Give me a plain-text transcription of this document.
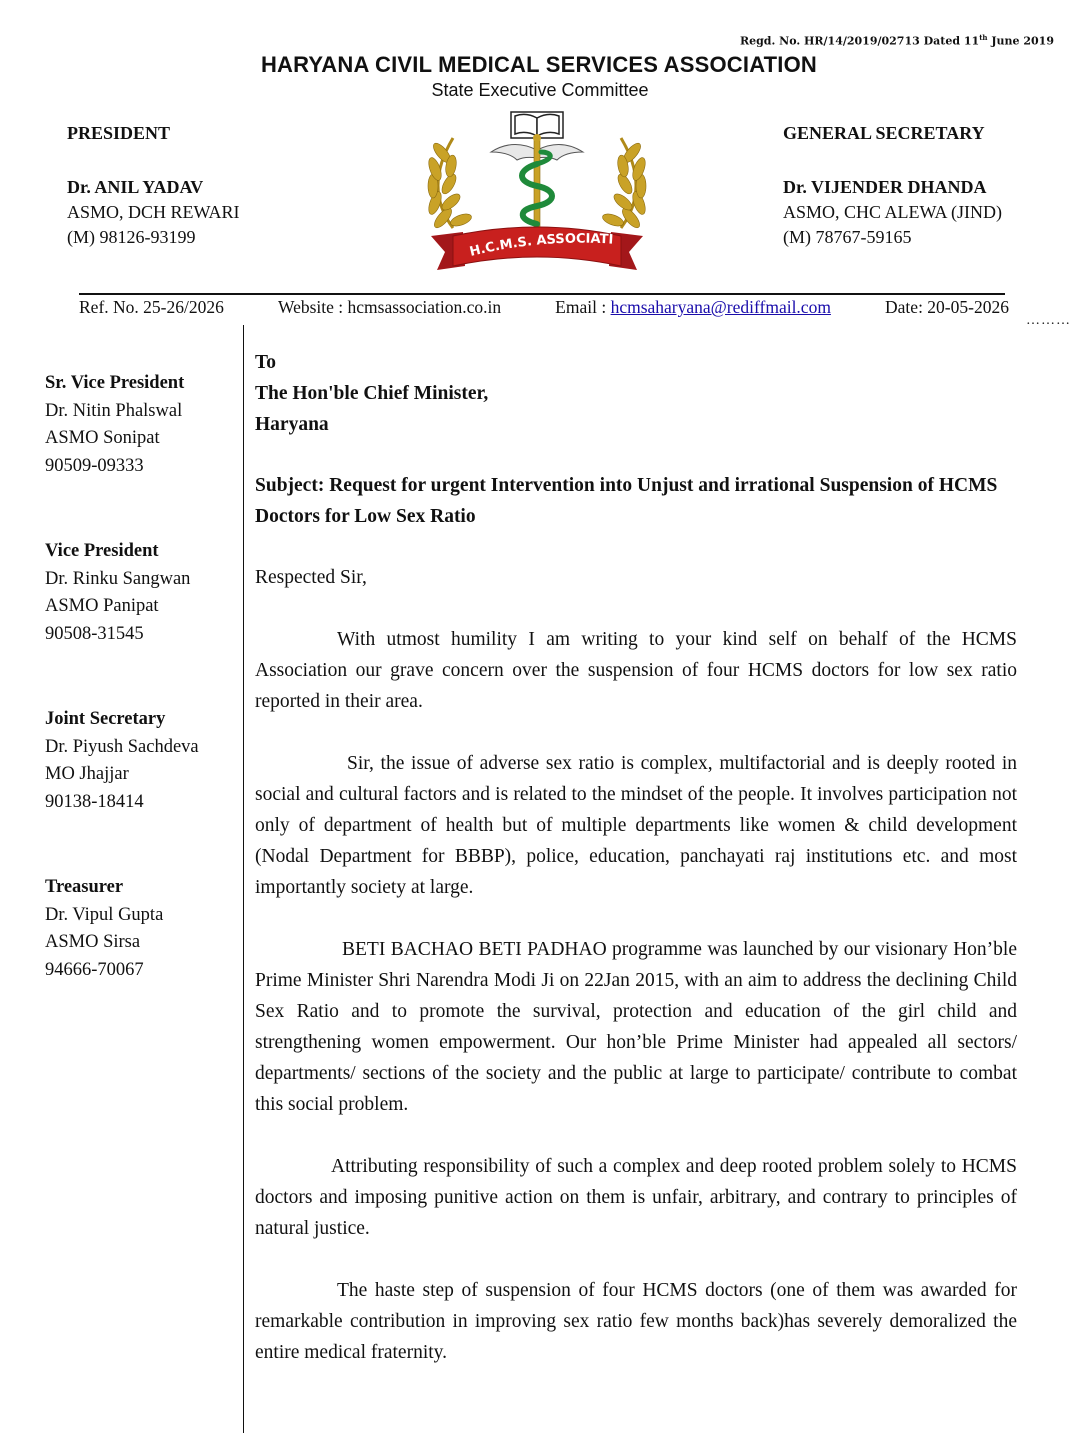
Regd. No. HR/14/2019/02713 Dated 11th June 2019
HARYANA CIVIL MEDICAL SERVICES ASSOCIATION
State Executive Committee
PRESIDENT
Dr. ANIL YADAV
ASMO, DCH REWARI
(M) 98126-93199
H.C.M.S. ASSOCIATI
GENERAL SECRETARY
Dr. VIJENDER DHANDA
ASMO, CHC ALEWA (JIND)
(M) 78767-59165
Ref. No. 25-26/2026	Website : hcmsassociation.co.in	Email : hcmsaharyana@rediffmail.com	Date: 20-05-2026
………
Sr. Vice President
Dr. Nitin Phalswal
ASMO Sonipat
90509-09333
Vice President
Dr. Rinku Sangwan
ASMO Panipat
90508-31545
Joint Secretary
Dr. Piyush Sachdeva
MO Jhajjar
90138-18414
Treasurer
Dr. Vipul Gupta
ASMO Sirsa
94666-70067
To
The Hon'ble Chief Minister,
Haryana
Subject: Request for urgent Intervention into Unjust and irrational Suspension of HCMS Doctors for Low Sex Ratio
Respected Sir,

With utmost humility I am writing to your kind self on behalf of the HCMS Association our grave concern over the suspension of four HCMS doctors for low sex ratio reported in their area.

Sir, the issue of adverse sex ratio is complex, multifactorial and is deeply rooted in social and cultural factors and is related to the mindset of the people. It involves participation not only of department of health but of multiple departments like women & child development (Nodal Department for BBBP), police, education, panchayati raj institutions etc. and most importantly society at large.

BETI BACHAO BETI PADHAO programme was launched by our visionary Hon’ble Prime Minister Shri Narendra Modi Ji on 22Jan 2015, with an aim to address the declining Child Sex Ratio and to promote the survival, protection and education of the girl child and strengthening women empowerment. Our hon’ble Prime Minister had appealed all sectors/ departments/ sections of the society and the public at large to participate/ contribute to combat this social problem.

Attributing responsibility of such a complex and deep rooted problem solely to HCMS doctors and imposing punitive action on them is unfair, arbitrary, and contrary to principles of natural justice.

The haste step of suspension of four HCMS doctors (one of them was awarded for remarkable contribution in improving sex ratio few months back)has severely demoralized the entire medical fraternity.
